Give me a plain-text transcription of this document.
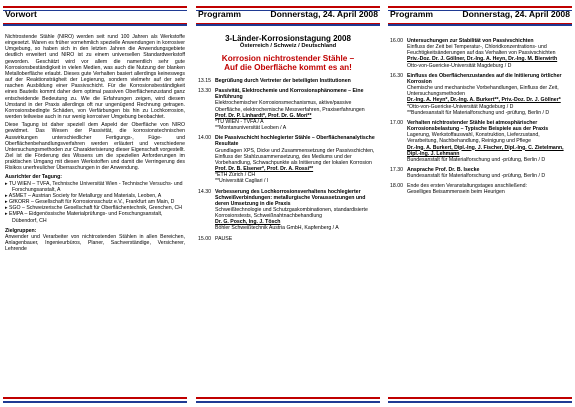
Vorwort

Nichtrostende Stähle (NIRO) werden seit rund 100 Jahren als Werkstoffe eingesetzt. Waren es früher vornehmlich spezielle Anwendungen in korrosiver Umgebung, so haben sich in den letzten Jahren die Anwendungsgebiete deutlich erweitert und NIRO ist zu einem universellen Standardwerkstoff geworden. Geschätzt wird vor allem die namentlich sehr gute Korrosionsbeständigkeit in vielen Medien, was auch die Nutzung der blanken Metalloberfläche erlaubt. Dieses gute Verhalten basiert allerdings keineswegs auf der Reaktionsträgheit der Legierung, sondern vielmehr auf der sehr raschen Ausbildung einer Passivschicht. Für die Korrosionsbeständigkeit eines Bauteils kommt daher dem optimal passiven Oberflächenzustand ganz entscheidende Bedeutung zu. Wie die Erfahrungen zeigen, wird diesem Umstand in der Praxis allerdings oft nur ungenügend Rechnung getragen. Korrosionsbedingte Schäden, von Verfärbungen bis hin zu Lochkorrosion, werden teilweise auch in nur wenig korrosiver Umgebung beobachtet.

Diese Tagung ist daher speziell dem Aspekt der Oberfläche von NIRO gewidmet. Das Wesen der Passivität, die korrosionstechnischen Auswirkungen unterschiedlicher Fertigungs-, Füge- und Oberflächenbehandlungsverfahren werden erläutert und verschiedene Untersuchungsmethoden zur Charakterisierung dieser Eigenschaft vorgestellt. Ziel ist die Förderung des Wissens um die speziellen Anforderungen im praktischen Umgang mit diesen Werkstoffen und damit die Verringerung des Risikos unerfreulicher Überraschungen in der Anwendung.

Ausrichter der Tagung:
▸ TU WIEN – TVFA, Technische Universität Wien - Technische Versuchs- und Forschungsanstalt, A
▸ ASMET – Austrian Society for Metallurgy and Materials, Leoben, A
▸ GfKORR – Gesellschaft für Korrosionsschutz e.V., Frankfurt am Main, D
▸ SGO – Schweizerische Gesellschaft für Oberflächentechnik, Grenchen, CH
▸ EMPA – Eidgenössische Materialprüfungs- und Forschungsanstalt, Dübendorf, CH
Zielgruppen:

Anwender und Verarbeiter von nichtrostenden Stählen in allen Bereichen, Anlagenbauer, Ingenieurbüros, Planer, Sachverständige, Versicherer, Lehrende

Programm	Donnerstag, 24. April 2008
3-Länder-Korrosionstagung 2008
Österreich / Schweiz / Deutschland
Korrosion nichtrostender Stähle –
Auf die Oberfläche kommt es an!
13.15 Begrüßung durch Vertreter der beteiligten Institutionen
13.30 Passivität, Elektrochemie und Korrosionsphänomene – Eine Einführung
Elektrochemischer Korrosionsmechanismus, aktive/passive Oberfläche, elektrochemische Messverfahren, Praxiserfahrungen
Prof. Dr. P. Linhardt*, Prof. Dr. G. Mori**
*TU WIEN - TVFA / A
**Montanuniversität Leoben / A
14.00 Die Passivschicht hochlegierter Stähle – Oberflächenanalytische Resultate
Grundlagen XPS, Dicke und Zusammensetzung der Passivschichten, Einfluss der Stahlzusammensetzung, des Mediums und der Vorbehandlung, Schwachpunkte als Initiierung der lokalen Korrosion
Prof. Dr. B. Elsener*, Prof. Dr. A. Rossi**
*ETH Zürich / CH
**Universität Cagliari / I
14.30 Verbesserung des Lochkorrosionsverhaltens hochlegierter Schweißverbindungen: metallurgische Voraussetzungen und deren Umsetzung in die Praxis
Schweißtechnologie und Schutzgaskombinationen, standardisierte Korrosionstests, Schweißnahtnachbehandlung
Dr. G. Posch, Ing. J. Tösch
Böhler Schweißtechnik Austria GmbH, Kapfenberg / A
15.00 PAUSE
Programm	Donnerstag, 24. April 2008
16.00 Untersuchungen zur Stabilität von Passivschichten
Einfluss der Zeit bei Temperatur-, Chloridkonzentrations- und Feuchtigkeitsänderungen auf das Verhalten von Passivschichten
Priv.-Doz. Dr. J. Göllner, Dr.-Ing. A. Heyn, Dr.-Ing. M. Bierwirth
Otto-von-Guericke-Universität Magdeburg / D
16.30 Einfluss des Oberflächenzustandes auf die Initiierung örtlicher Korrosion
Chemische und mechanische Vorbehandlungen, Einfluss der Zeit, Untersuchungsmethoden
Dr.-Ing. A. Heyn*, Dr.-Ing. A. Burkert**, Priv.-Doz. Dr. J. Göllner*
*Otto-von-Guericke-Universität Magdeburg / D
**Bundesanstalt für Materialforschung und -prüfung, Berlin / D
17.00 Verhalten nichtrostender Stähle bei atmosphärischer Korrosionsbelastung – Typische Beispiele aus der Praxis
Lagerung, Werkstoffauswahl, Konstruktion, Lieferzustand, Verarbeitung, Nachbehandlung, Reinigung und Pflege
Dr.-Ing. A. Burkert, Dipl.-Ing. J. Fischer, Dipl.-Ing. C. Zietelmann, Dipl.-Ing. J. Lehmann
Bundesanstalt für Materialforschung und -prüfung, Berlin / D
17.30 Ansprache Prof. Dr. B. Isecke
Bundesanstalt für Materialforschung und -prüfung, Berlin / D
18.00 Ende des ersten Veranstaltungstages anschließend:
Geselliges Beisammensein beim Heurigen
